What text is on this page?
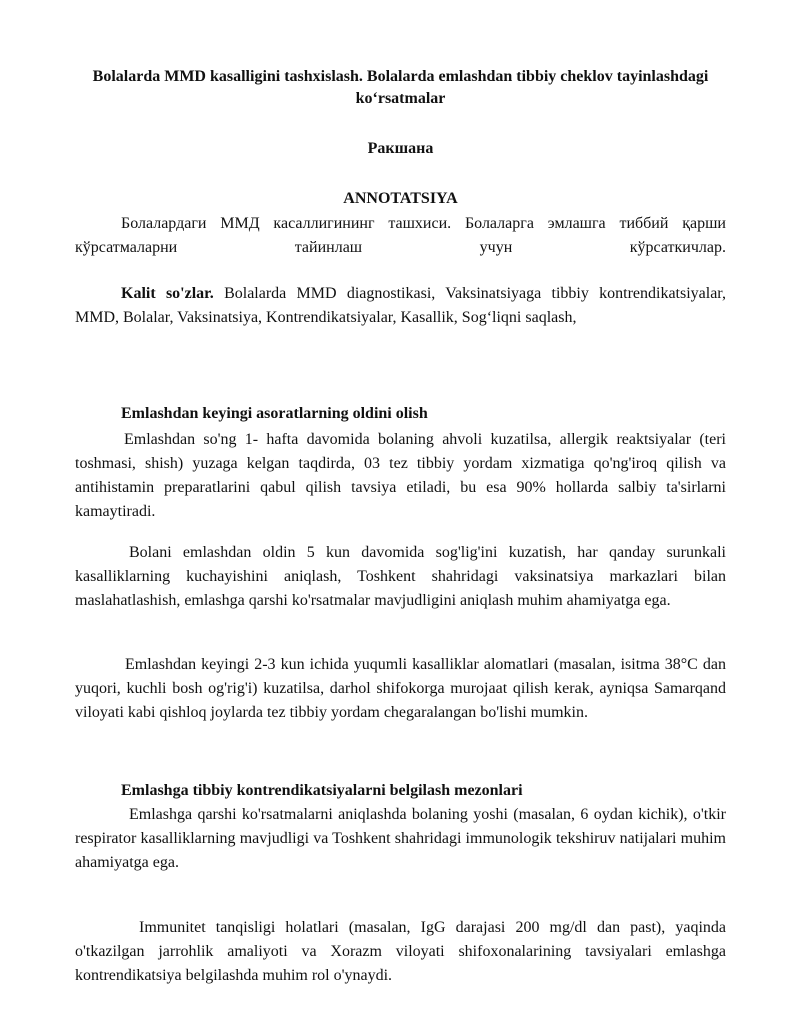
Bolalarda MMD kasalligini tashxislash. Bolalarda emlashdan tibbiy cheklov tayinlashdagi ko‘rsatmalar

Ракшана

ANNOTATSIYA

Болалардаги ММД касаллигининг ташхиси. Болаларга эмлашга тиббий қарши кўрсатмаларни тайинлаш учун кўрсаткичлар.

Kalit so'zlar. Bolalarda MMD diagnostikasi, Vaksinatsiyaga tibbiy kontrendikatsiyalar, MMD, Bolalar, Vaksinatsiya, Kontrendikatsiyalar, Kasallik, Sog‘liqni saqlash,

Emlashdan keyingi asoratlarning oldini olish

Emlashdan so'ng 1- hafta davomida bolaning ahvoli kuzatilsa, allergik reaktsiyalar (teri toshmasi, shish) yuzaga kelgan taqdirda, 03 tez tibbiy yordam xizmatiga qo'ng'iroq qilish va antihistamin preparatlarini qabul qilish tavsiya etiladi, bu esa 90% hollarda salbiy ta'sirlarni kamaytiradi.

Bolani emlashdan oldin 5 kun davomida sog'lig'ini kuzatish, har qanday surunkali kasalliklarning kuchayishini aniqlash, Toshkent shahridagi vaksinatsiya markazlari bilan maslahatlashish, emlashga qarshi ko'rsatmalar mavjudligini aniqlash muhim ahamiyatga ega.

Emlashdan keyingi 2-3 kun ichida yuqumli kasalliklar alomatlari (masalan, isitma 38°C dan yuqori, kuchli bosh og'rig'i) kuzatilsa, darhol shifokorga murojaat qilish kerak, ayniqsa Samarqand viloyati kabi qishloq joylarda tez tibbiy yordam chegaralangan bo'lishi mumkin.

Emlashga tibbiy kontrendikatsiyalarni belgilash mezonlari

Emlashga qarshi ko'rsatmalarni aniqlashda bolaning yoshi (masalan, 6 oydan kichik), o'tkir respirator kasalliklarning mavjudligi va Toshkent shahridagi immunologik tekshiruv natijalari muhim ahamiyatga ega.

Immunitet tanqisligi holatlari (masalan, IgG darajasi 200 mg/dl dan past), yaqinda o'tkazilgan jarrohlik amaliyoti va Xorazm viloyati shifoxonalarining tavsiyalari emlashga kontrendikatsiya belgilashda muhim rol o'ynaydi.
